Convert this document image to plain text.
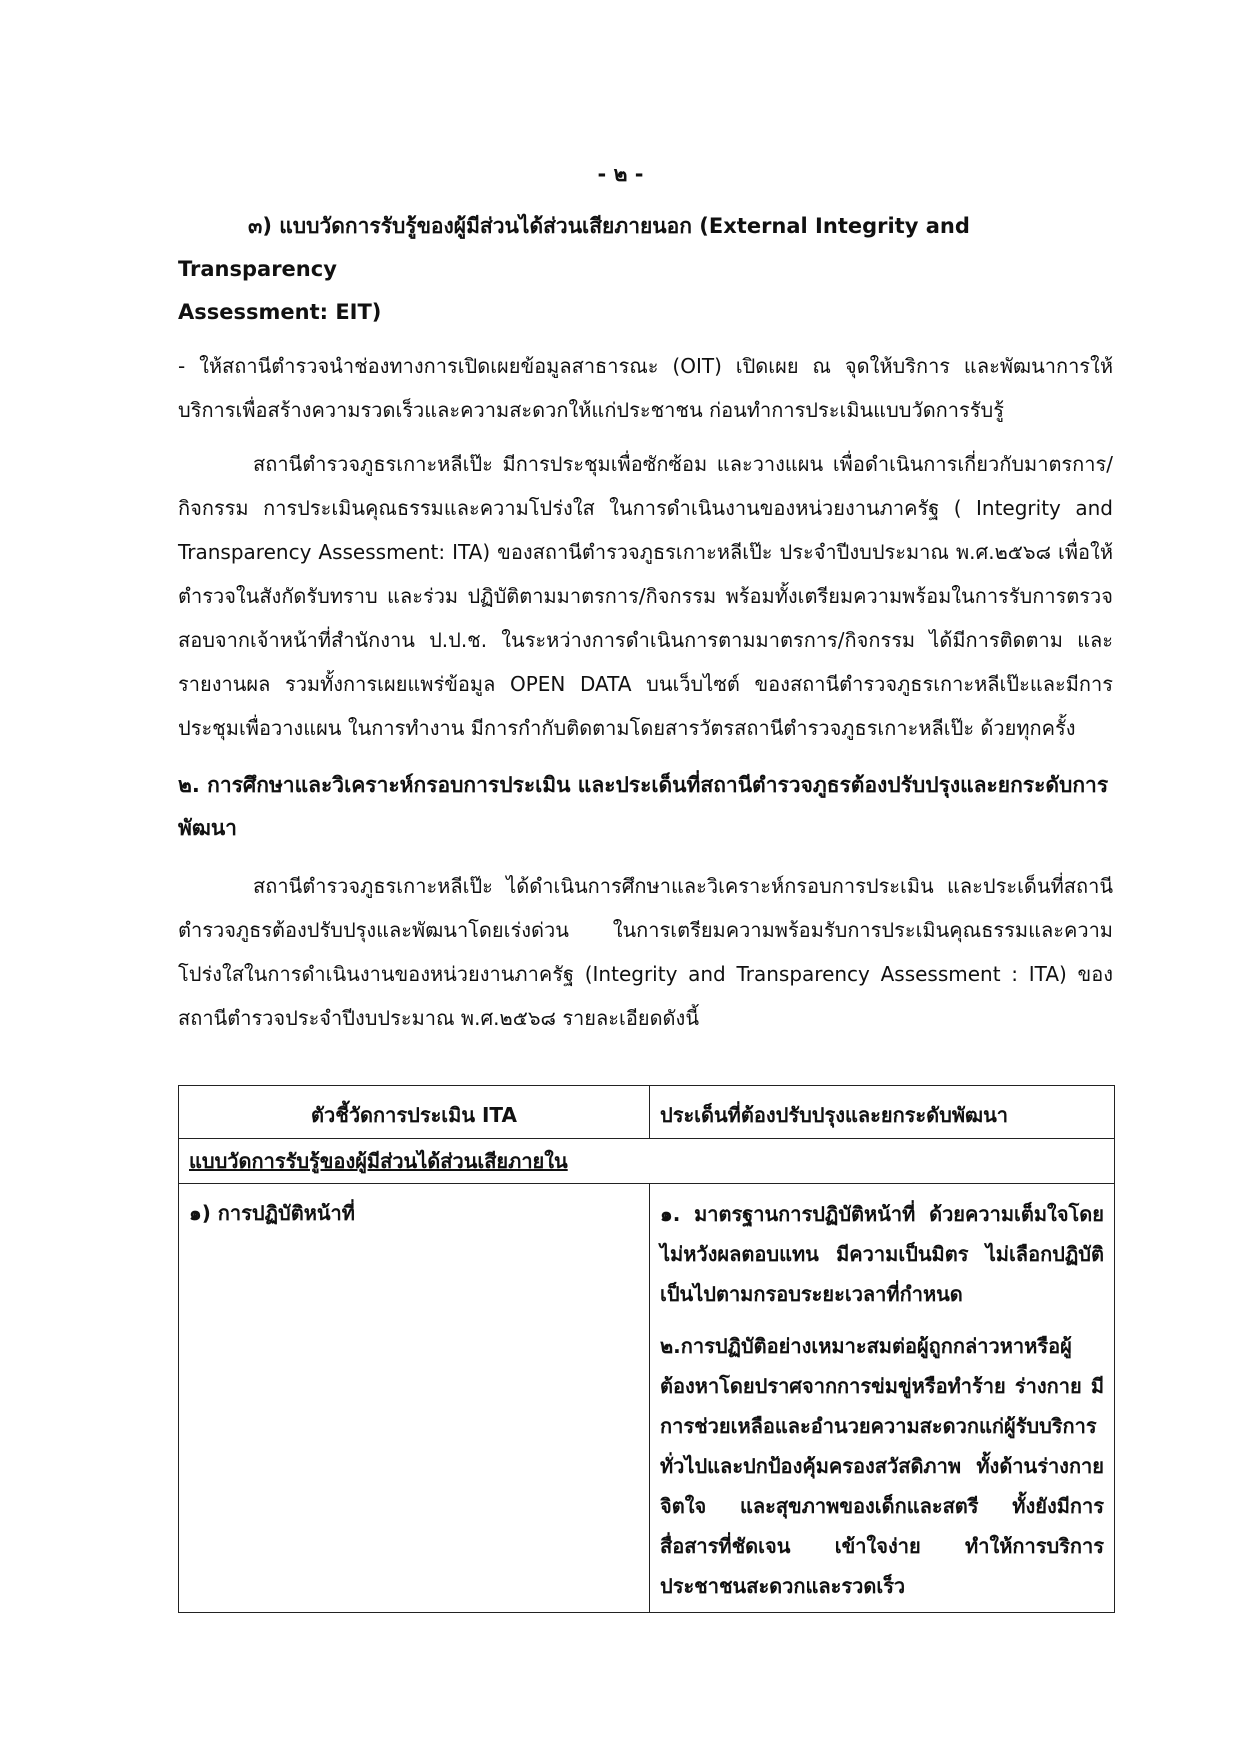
- ๒ -

๓) แบบวัดการรับรู้ของผู้มีส่วนได้ส่วนเสียภายนอก (External Integrity and Transparency

Assessment: EIT)

- ให้สถานีตำรวจนำช่องทางการเปิดเผยข้อมูลสาธารณะ (OIT) เปิดเผย ณ จุดให้บริการ และพัฒนาการให้บริการเพื่อสร้างความรวดเร็วและความสะดวกให้แก่ประชาชน ก่อนทำการประเมินแบบวัดการรับรู้

สถานีตำรวจภูธรเกาะหลีเป๊ะ มีการประชุมเพื่อซักซ้อม และวางแผน เพื่อดำเนินการเกี่ยวกับมาตรการ/กิจกรรม การประเมินคุณธรรมและความโปร่งใส ในการดำเนินงานของหน่วยงานภาครัฐ ( Integrity and Transparency Assessment: ITA) ของสถานีตำรวจภูธรเกาะหลีเป๊ะ ประจำปีงบประมาณ พ.ศ.๒๕๖๘ เพื่อให้ตำรวจในสังกัดรับทราบ และร่วม ปฏิบัติตามมาตรการ/กิจกรรม พร้อมทั้งเตรียมความพร้อมในการรับการตรวจสอบจากเจ้าหน้าที่สำนักงาน ป.ป.ช. ในระหว่างการดำเนินการตามมาตรการ/กิจกรรม ได้มีการติดตาม และรายงานผล รวมทั้งการเผยแพร่ข้อมูล OPEN DATA บนเว็บไซต์ ของสถานีตำรวจภูธรเกาะหลีเป๊ะและมีการประชุมเพื่อวางแผน ในการทำงาน มีการกำกับติดตามโดยสารวัตรสถานีตำรวจภูธรเกาะหลีเป๊ะ ด้วยทุกครั้ง

๒. การศึกษาและวิเคราะห์กรอบการประเมิน และประเด็นที่สถานีตำรวจภูธรต้องปรับปรุงและยกระดับการพัฒนา

สถานีตำรวจภูธรเกาะหลีเป๊ะ ได้ดำเนินการศึกษาและวิเคราะห์กรอบการประเมิน และประเด็นที่สถานีตำรวจภูธรต้องปรับปรุงและพัฒนาโดยเร่งด่วน ในการเตรียมความพร้อมรับการประเมินคุณธรรมและความโปร่งใสในการดำเนินงานของหน่วยงานภาครัฐ (Integrity and Transparency Assessment : ITA) ของสถานีตำรวจประจำปีงบประมาณ พ.ศ.๒๕๖๘ รายละเอียดดังนี้

ตัวชี้วัดการประเมิน ITA	ประเด็นที่ต้องปรับปรุงและยกระดับพัฒนา
แบบวัดการรับรู้ของผู้มีส่วนได้ส่วนเสียภายใน	
๑) การปฏิบัติหน้าที่	๑. มาตรฐานการปฏิบัติหน้าที่ ด้วยความเต็มใจโดยไม่หวังผลตอบแทน มีความเป็นมิตร ไม่เลือกปฏิบัติเป็นไปตามกรอบระยะเวลาที่กำหนด

๒.การปฏิบัติอย่างเหมาะสมต่อผู้ถูกกล่าวหาหรือผู้ต้องหาโดยปราศจากการข่มขู่หรือทำร้าย ร่างกาย มีการช่วยเหลือและอำนวยความสะดวกแก่ผู้รับบริการทั่วไปและปกป้องคุ้มครองสวัสดิภาพ ทั้งด้านร่างกาย จิตใจ และสุขภาพของเด็กและสตรี ทั้งยังมีการสื่อสารที่ชัดเจน เข้าใจง่าย ทำให้การบริการประชาชนสะดวกและรวดเร็ว
